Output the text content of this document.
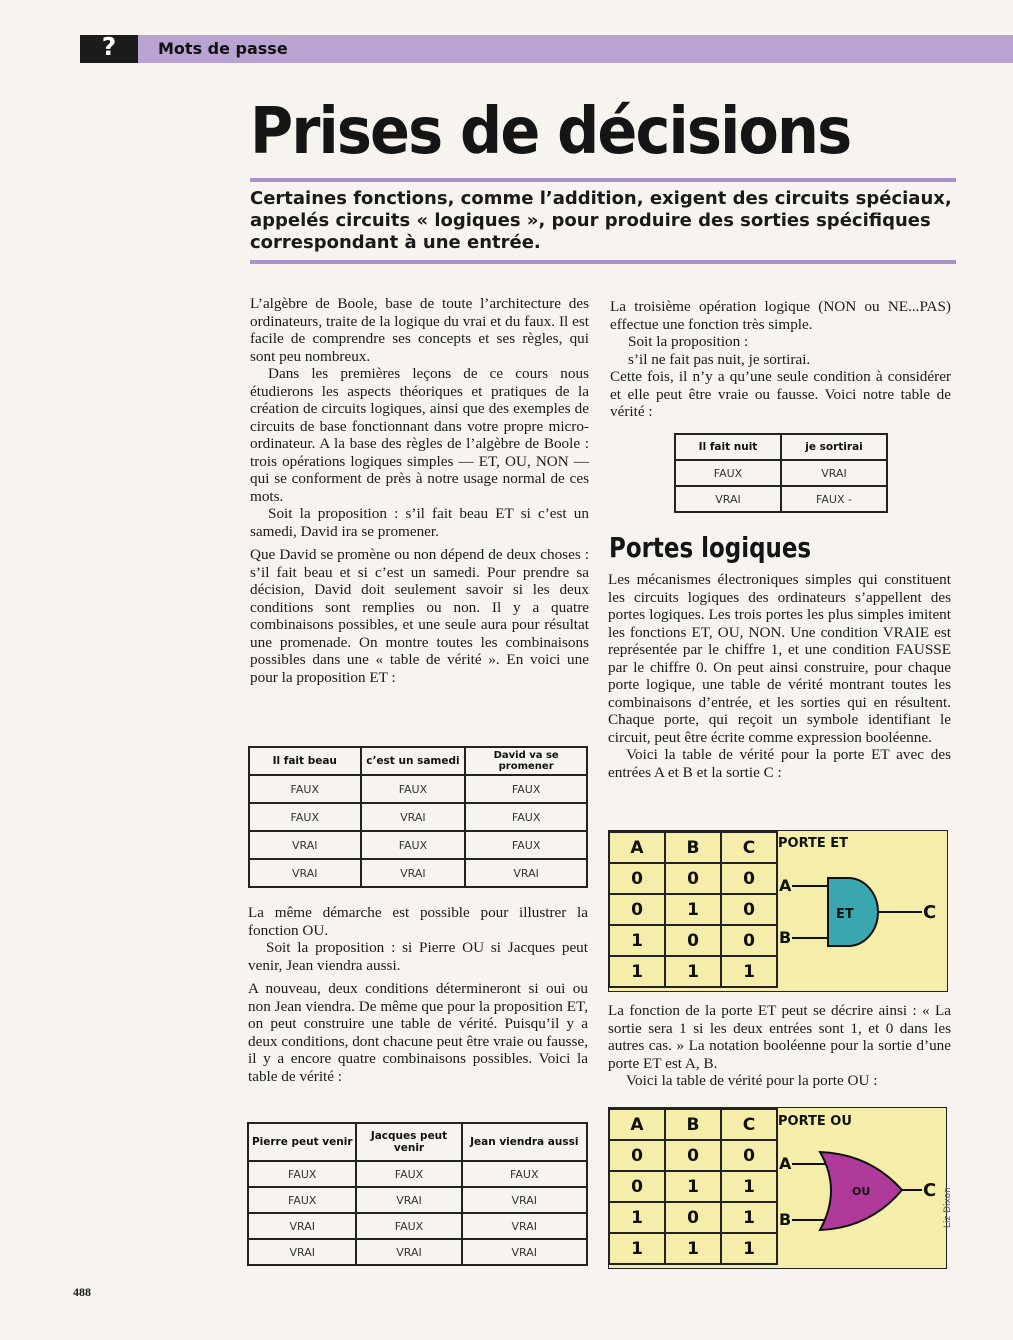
?	Mots de passe
Prises de décisions
Certaines fonctions, comme l’addition, exigent des circuits spéciaux, appelés circuits « logiques », pour produire des sorties spécifiques correspondant à une entrée.

L’algèbre de Boole, base de toute l’architecture des ordinateurs, traite de la logique du vrai et du faux. Il est facile de comprendre ses concepts et ses règles, qui sont peu nombreux.

Dans les premières leçons de ce cours nous étudierons les aspects théoriques et pratiques de la création de circuits logiques, ainsi que des exemples de circuits de base fonctionnant dans votre propre micro-ordinateur. A la base des règles de l’algèbre de Boole : trois opérations logiques simples — ET, OU, NON — qui se conforment de près à notre usage normal de ces mots.

Soit la proposition : s’il fait beau ET si c’est un samedi, David ira se promener.

Que David se promène ou non dépend de deux choses : s’il fait beau et si c’est un samedi. Pour prendre sa décision, David doit seulement savoir si les deux conditions sont remplies ou non. Il y a quatre combinaisons possibles, et une seule aura pour résultat une promenade. On montre toutes les combinaisons possibles dans une « table de vérité ». En voici une pour la proposition ET :

Il fait beau	c’est un samedi	David va se promener
FAUX	FAUX	FAUX
FAUX	VRAI	FAUX
VRAI	FAUX	FAUX
VRAI	VRAI	VRAI

La même démarche est possible pour illustrer la fonction OU.

Soit la proposition : si Pierre OU si Jacques peut venir, Jean viendra aussi.

A nouveau, deux conditions détermineront si oui ou non Jean viendra. De même que pour la proposition ET, on peut construire une table de vérité. Puisqu’il y a deux conditions, dont chacune peut être vraie ou fausse, il y a encore quatre combinaisons possibles. Voici la table de vérité :

Pierre peut venir	Jacques peut venir	Jean viendra aussi
FAUX	FAUX	FAUX
FAUX	VRAI	VRAI
VRAI	FAUX	VRAI
VRAI	VRAI	VRAI

La troisième opération logique (NON ou NE...PAS) effectue une fonction très simple.

Soit la proposition :

s’il ne fait pas nuit, je sortirai.

Cette fois, il n’y a qu’une seule condition à considérer et elle peut être vraie ou fausse. Voici notre table de vérité :

Il fait nuit	je sortirai
FAUX	VRAI
VRAI	FAUX -
Portes logiques

Les mécanismes électroniques simples qui constituent les circuits logiques des ordinateurs s’appellent des portes logiques. Les trois portes les plus simples imitent les fonctions ET, OU, NON. Une condition VRAIE est représentée par le chiffre 1, et une condition FAUSSE par le chiffre 0. On peut ainsi construire, pour chaque porte logique, une table de vérité montrant toutes les combinaisons d’entrée, et les sorties qui en résultent. Chaque porte, qui reçoit un symbole identifiant le circuit, peut être écrite comme expression booléenne.

Voici la table de vérité pour la porte ET avec des entrées A et B et la sortie C :

A	B	C
0	0	0
0	1	0
1	0	0
1	1	1
PORTE ET
A
B
C
ET

La fonction de la porte ET peut se décrire ainsi : « La sortie sera 1 si les deux entrées sont 1, et 0 dans les autres cas. » La notation booléenne pour la sortie d’une porte ET est A, B.

Voici la table de vérité pour la porte OU :

A	B	C
0	0	0
0	1	1
1	0	1
1	1	1
PORTE OU
A
B
C
OU	Liz Dixon
488
